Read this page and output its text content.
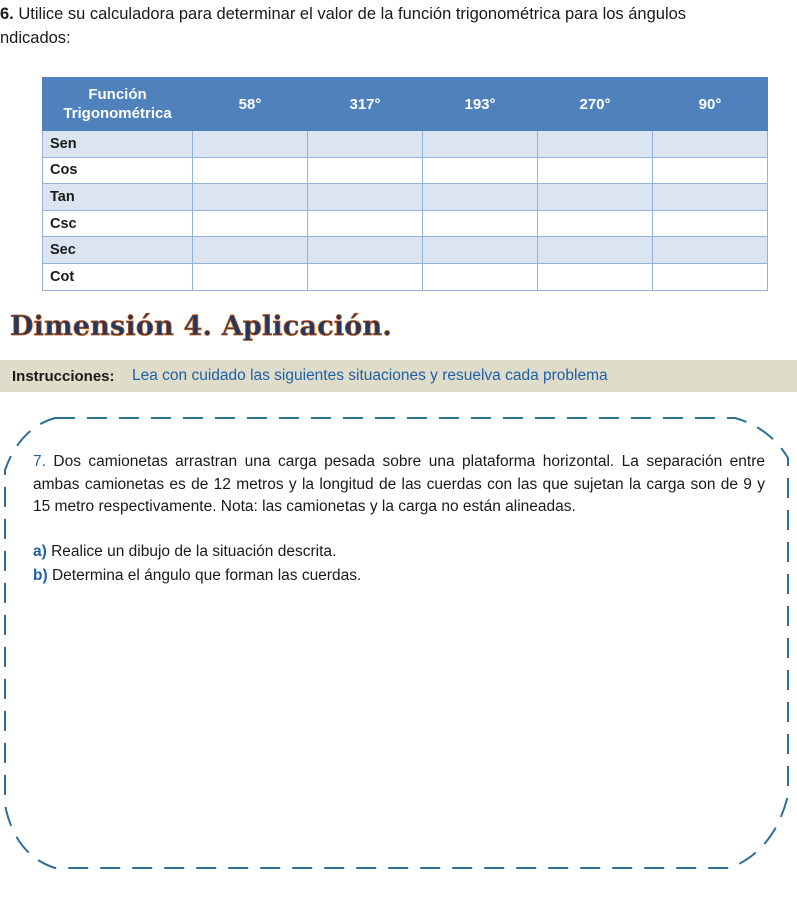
6. Utilice su calculadora para determinar el valor de la función trigonométrica para los ángulos
ndicados:
Función
Trigonométrica	58°	317°	193°	270°	90°
Sen					
Cos					
Tan					
Csc					
Sec					
Cot					
Dimensión 4. Aplicación.
Instrucciones: Lea con cuidado las siguientes situaciones y resuelva cada problema
7. Dos camionetas arrastran una carga pesada sobre una plataforma horizontal. La separación entre ambas camionetas es de 12 metros y la longitud de las cuerdas con las que sujetan la carga son de 9 y 15 metro respectivamente. Nota: las camionetas y la carga no están alineadas.
a) Realice un dibujo de la situación descrita.
b) Determina el ángulo que forman las cuerdas.
